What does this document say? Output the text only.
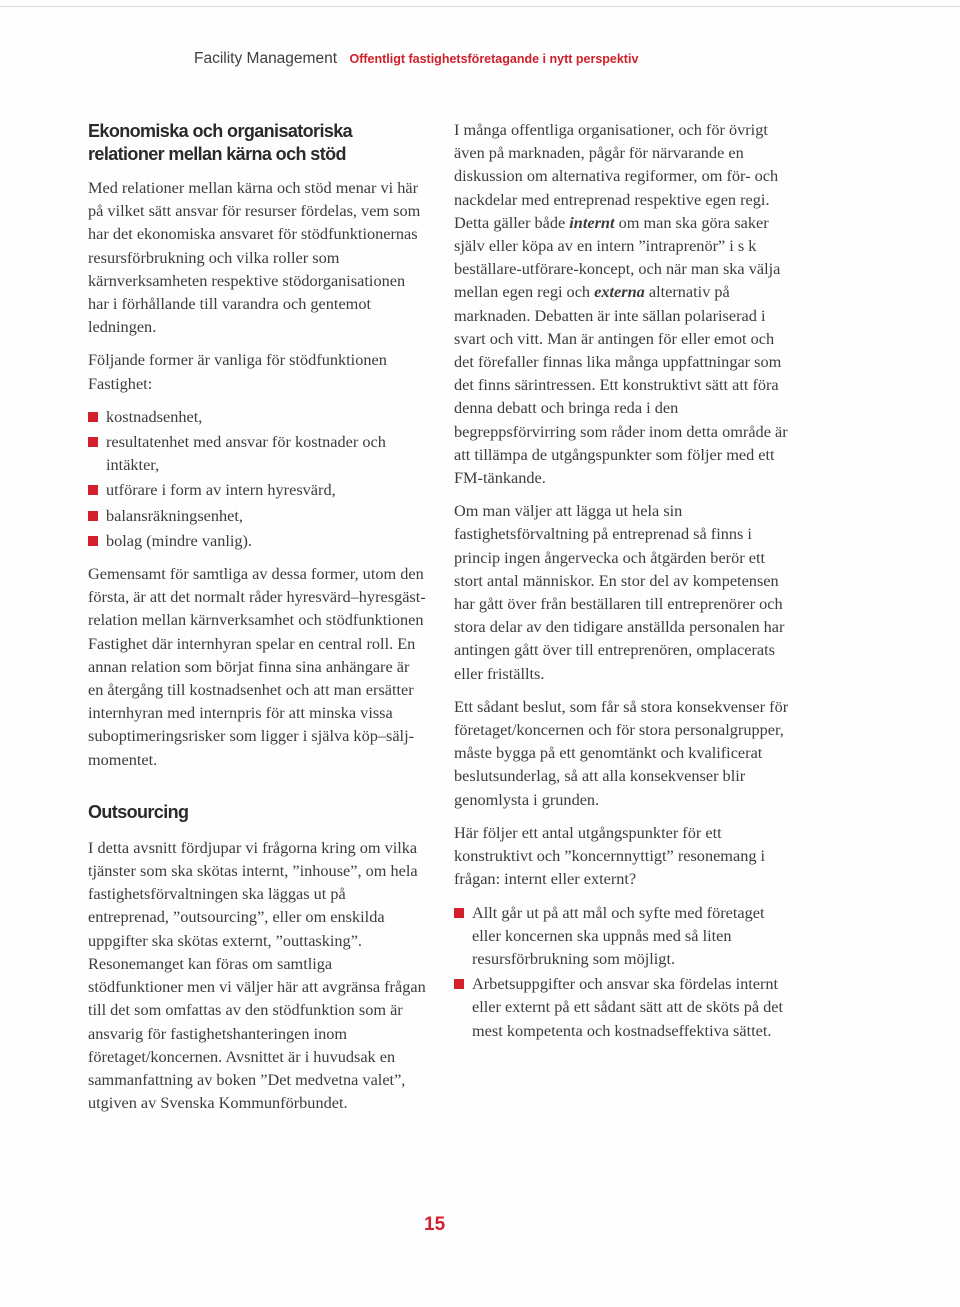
Facility Management Offentligt fastighetsföretagande i nytt perspektiv
Ekonomiska och organisatoriska relationer mellan kärna och stöd

Med relationer mellan kärna och stöd menar vi här på vilket sätt ansvar för resurser fördelas, vem som har det ekonomiska ansvaret för stödfunktionernas resursförbrukning och vilka roller som kärnverksamheten respektive stödorganisationen har i förhållande till varandra och gentemot ledningen.

Följande former är vanliga för stödfunktionen Fastighet:

kostnadsenhet,
resultatenhet med ansvar för kostnader och intäkter,
utförare i form av intern hyresvärd,
balansräkningsenhet,
bolag (mindre vanlig).

Gemensamt för samtliga av dessa former, utom den första, är att det normalt råder hyresvärd–hyresgäst-relation mellan kärnverksamhet och stödfunktionen Fastighet där internhyran spelar en central roll. En annan relation som börjat finna sina anhängare är en återgång till kostnadsenhet och att man ersätter internhyran med internpris för att minska vissa suboptimeringsrisker som ligger i själva köp–sälj-momentet.

Outsourcing

I detta avsnitt fördjupar vi frågorna kring om vilka tjänster som ska skötas internt, ”inhouse”, om hela fastighetsförvaltningen ska läggas ut på entreprenad, ”outsourcing”, eller om enskilda uppgifter ska skötas externt, ”outtasking”. Resonemanget kan föras om samtliga stödfunktioner men vi väljer här att avgränsa frågan till det som omfattas av den stödfunktion som är ansvarig för fastighetshanteringen inom företaget/koncernen. Avsnittet är i huvudsak en sammanfattning av boken ”Det medvetna valet”, utgiven av Svenska Kommunförbundet.

I många offentliga organisationer, och för övrigt även på marknaden, pågår för närvarande en diskussion om alternativa regiformer, om för- och nackdelar med entreprenad respektive egen regi. Detta gäller både internt om man ska göra saker själv eller köpa av en intern ”intraprenör” i s k beställare-utförare-koncept, och när man ska välja mellan egen regi och externa alternativ på marknaden. Debatten är inte sällan polariserad i svart och vitt. Man är antingen för eller emot och det förefaller finnas lika många uppfattningar som det finns särintressen. Ett konstruktivt sätt att föra denna debatt och bringa reda i den begreppsförvirring som råder inom detta område är att tillämpa de utgångspunkter som följer med ett FM-tänkande.

Om man väljer att lägga ut hela sin fastighetsförvaltning på entreprenad så finns i princip ingen ångervecka och åtgärden berör ett stort antal människor. En stor del av kompetensen har gått över från beställaren till entreprenörer och stora delar av den tidigare anställda personalen har antingen gått över till entreprenören, omplacerats eller friställts.

Ett sådant beslut, som får så stora konsekvenser för företaget/koncernen och för stora personalgrupper, måste bygga på ett genomtänkt och kvalificerat beslutsunderlag, så att alla konsekvenser blir genomlysta i grunden.

Här följer ett antal utgångspunkter för ett konstruktivt och ”koncernnyttigt” resonemang i frågan: internt eller externt?

Allt går ut på att mål och syfte med företaget eller koncernen ska uppnås med så liten resursförbrukning som möjligt.
Arbetsuppgifter och ansvar ska fördelas internt eller externt på ett sådant sätt att de sköts på det mest kompetenta och kostnadseffektiva sättet.
15
